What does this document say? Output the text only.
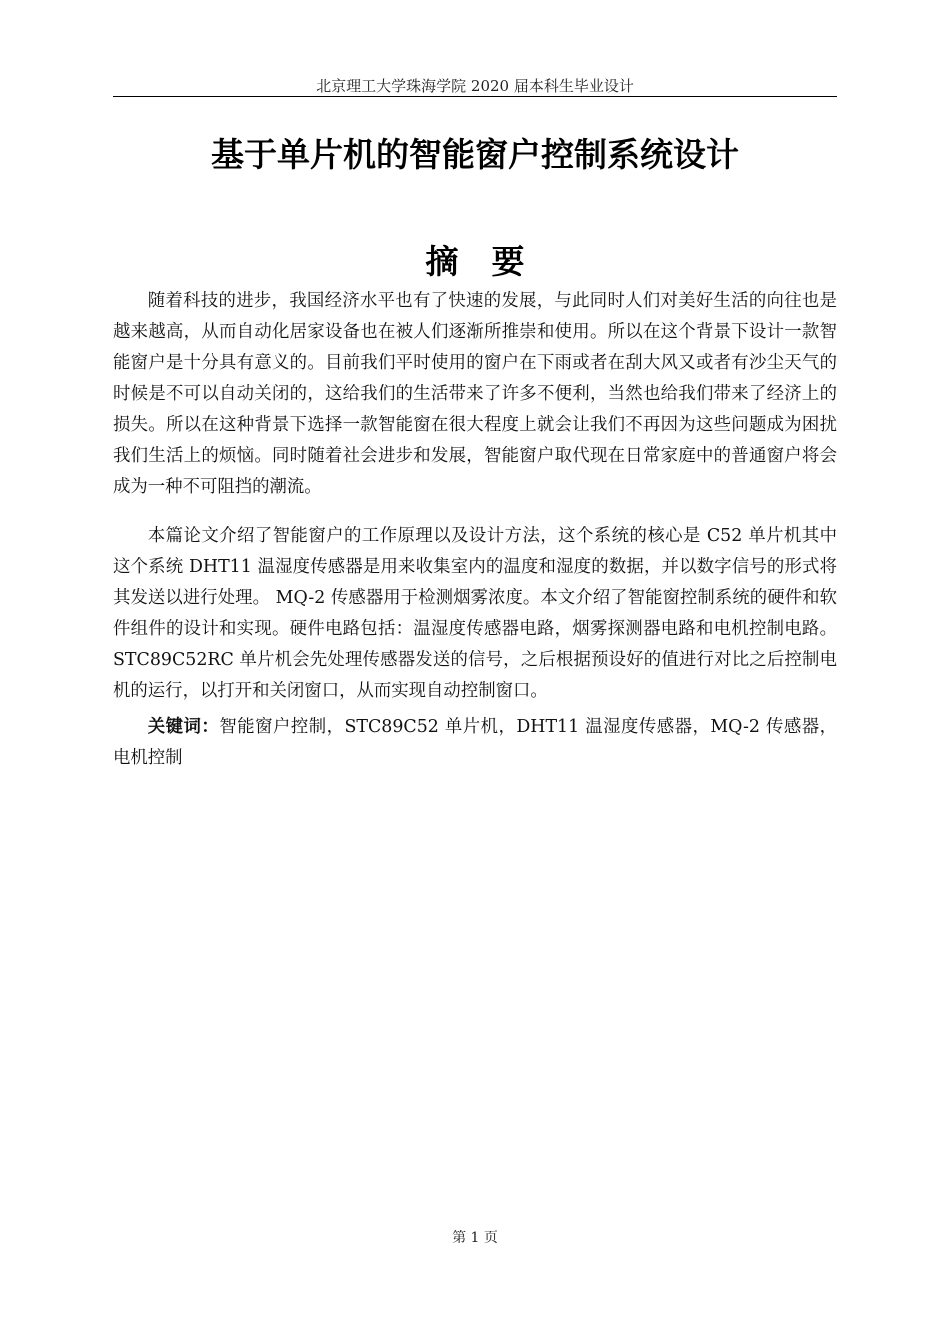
北京理工大学珠海学院 2020 届本科生毕业设计
基于单片机的智能窗户控制系统设计
摘　要

随着科技的进步，我国经济水平也有了快速的发展，与此同时人们对美好生活的向往也是越来越高，从而自动化居家设备也在被人们逐渐所推崇和使用。所以在这个背景下设计一款智能窗户是十分具有意义的。目前我们平时使用的窗户在下雨或者在刮大风又或者有沙尘天气的时候是不可以自动关闭的，这给我们的生活带来了许多不便利，当然也给我们带来了经济上的损失。所以在这种背景下选择一款智能窗在很大程度上就会让我们不再因为这些问题成为困扰我们生活上的烦恼。同时随着社会进步和发展，智能窗户取代现在日常家庭中的普通窗户将会成为一种不可阻挡的潮流。

本篇论文介绍了智能窗户的工作原理以及设计方法，这个系统的核心是 C52 单片机其中这个系统 DHT11 温湿度传感器是用来收集室内的温度和湿度的数据，并以数字信号的形式将其发送以进行处理。 MQ-2 传感器用于检测烟雾浓度。本文介绍了智能窗控制系统的硬件和软件组件的设计和实现。硬件电路包括：温湿度传感器电路，烟雾探测器电路和电机控制电路。STC89C52RC 单片机会先处理传感器发送的信号，之后根据预设好的值进行对比之后控制电机的运行，以打开和关闭窗口，从而实现自动控制窗口。

关键词：智能窗户控制，STC89C52 单片机，DHT11 温湿度传感器，MQ-2 传感器，电机控制
第 1 页
